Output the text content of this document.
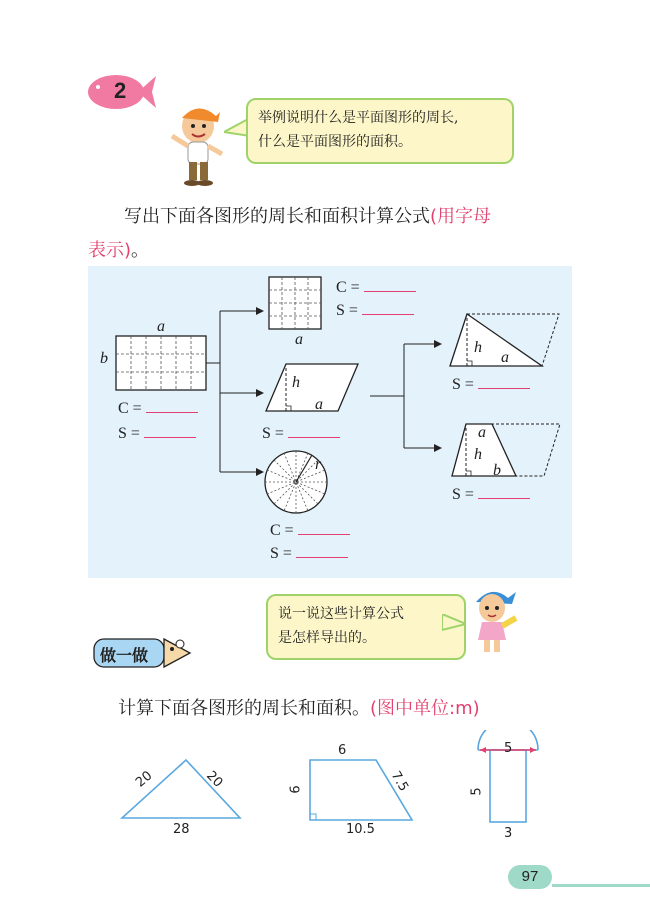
2
举例说明什么是平面图形的周长,
什么是平面图形的面积。
写出下面各图形的周长和面积计算公式(用字母
表示)。
a
b
a
h
a
r
h
a
a
h
b
C =
S =
C =
S =
S =
C =
S =
S =
S =
说一说这些计算公式
是怎样导出的。
做一做
计算下面各图形的周长和面积。(图中单位:m)
20	20
28
6
7.5
6
10.5
5
5
3
97
